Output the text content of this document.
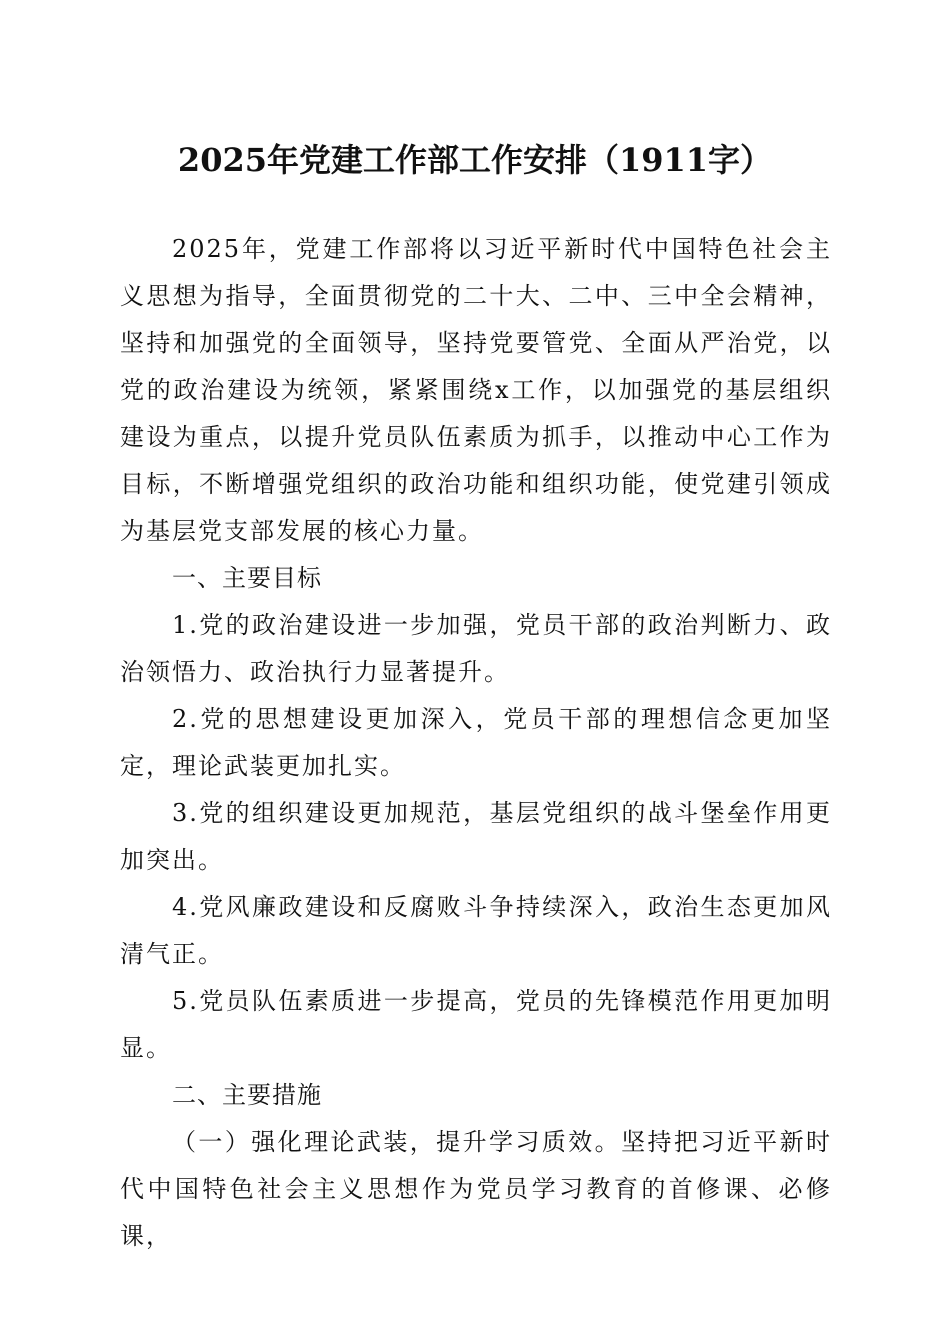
2025年党建工作部工作安排（1911字）

2025年，党建工作部将以习近平新时代中国特色社会主义思想为指导，全面贯彻党的二十大、二中、三中全会精神，坚持和加强党的全面领导，坚持党要管党、全面从严治党，以党的政治建设为统领，紧紧围绕x工作，以加强党的基层组织建设为重点，以提升党员队伍素质为抓手，以推动中心工作为目标，不断增强党组织的政治功能和组织功能，使党建引领成为基层党支部发展的核心力量。

一、主要目标

1.党的政治建设进一步加强，党员干部的政治判断力、政治领悟力、政治执行力显著提升。

2.党的思想建设更加深入，党员干部的理想信念更加坚定，理论武装更加扎实。

3.党的组织建设更加规范，基层党组织的战斗堡垒作用更加突出。

4.党风廉政建设和反腐败斗争持续深入，政治生态更加风清气正。

5.党员队伍素质进一步提高，党员的先锋模范作用更加明显。

二、主要措施

（一）强化理论武装，提升学习质效。坚持把习近平新时代中国特色社会主义思想作为党员学习教育的首修课、必修课，
